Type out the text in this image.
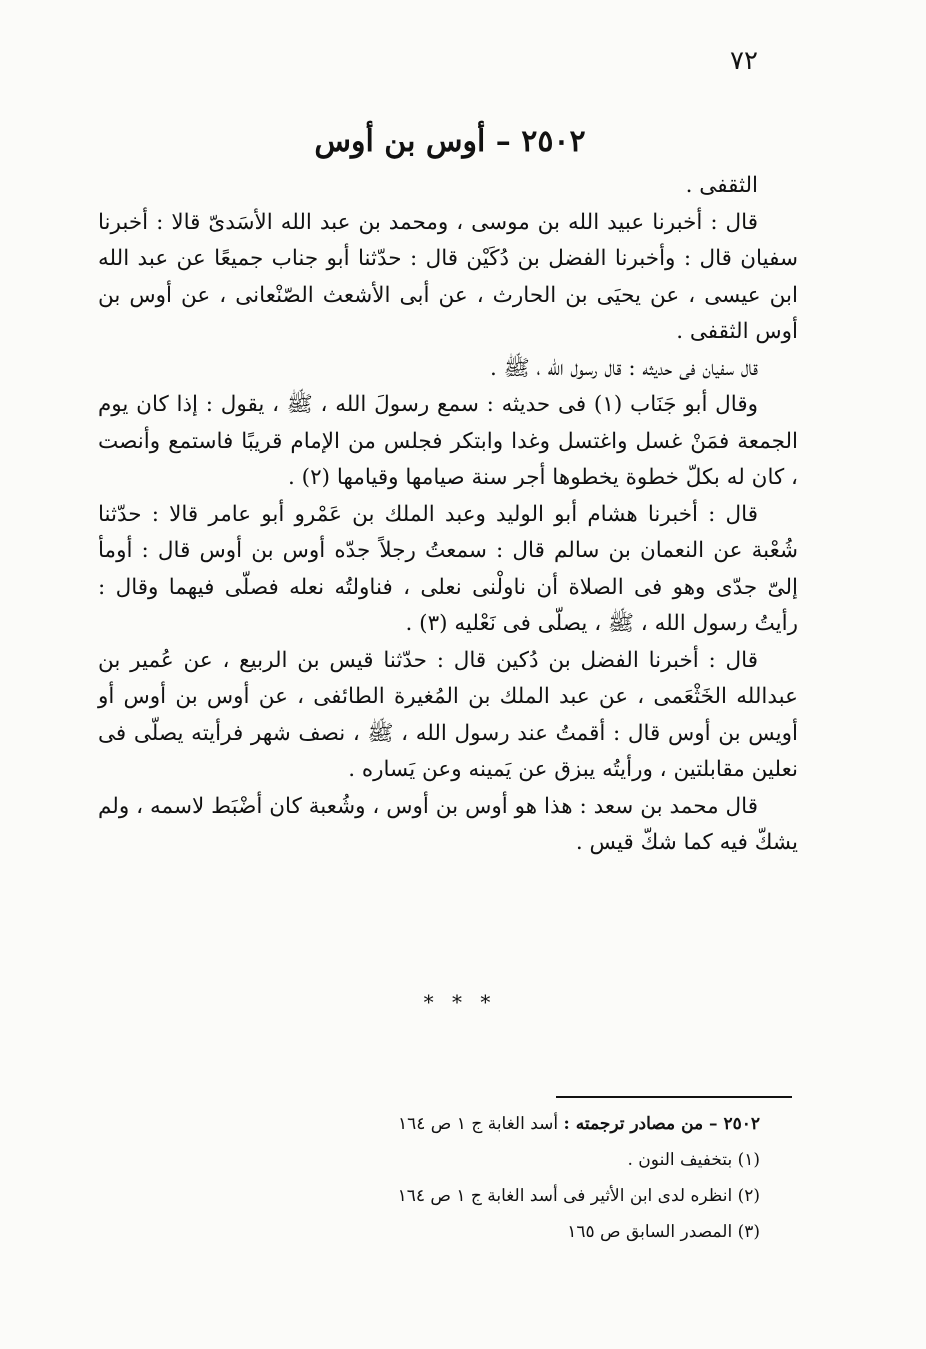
٧٢
٢٥٠٢ – أوس بن أوس

الثقفى .

قال : أخبرنا عبيد الله بن موسى ، ومحمد بن عبد الله الأسَدىّ قالا : أخبرنا سفيان قال : وأخبرنا الفضل بن دُكَيْن قال : حدّثنا أبو جناب جميعًا عن عبد الله ابن عيسى ، عن يحيَى بن الحارث ، عن أبى الأشعث الصّنْعانى ، عن أوس بن أوس الثقفى .

قال سفيان فى حديثه : قال رسول الله ، ﷺ .

وقال أبو جَنَاب (١) فى حديثه : سمع رسولَ الله ، ﷺ ، يقول : إذا كان يوم الجمعة فمَنْ غسل واغتسل وغدا وابتكر فجلس من الإمام قريبًا فاستمع وأنصت ، كان له بكلّ خطوة يخطوها أجر سنة صيامها وقيامها (٢) .

قال : أخبرنا هشام أبو الوليد وعبد الملك بن عَمْرو أبو عامر قالا : حدّثنا شُعْبة عن النعمان بن سالم قال : سمعتُ رجلاً جدّه أوس بن أوس قال : أومأ إلىّ جدّى وهو فى الصلاة أن ناولْنى نعلى ، فناولتُه نعله فصلّى فيهما وقال : رأيتُ رسول الله ، ﷺ ، يصلّى فى نَعْليه (٣) .

قال : أخبرنا الفضل بن دُكين قال : حدّثنا قيس بن الربيع ، عن عُمير بن عبدالله الخَثْعَمى ، عن عبد الملك بن المُغيرة الطائفى ، عن أوس بن أوس أو أويس بن أوس قال : أقمتُ عند رسول الله ، ﷺ ، نصف شهر فرأيته يصلّى فى نعلين مقابلتين ، ورأيتُه يبزق عن يَمينه وعن يَساره .

قال محمد بن سعد : هذا هو أوس بن أوس ، وشُعبة كان أضْبَط لاسمه ، ولم يشكّ فيه كما شكّ قيس .

* * *
٢٥٠٢ – من مصادر ترجمته : أسد الغابة ج ١ ص ١٦٤
(١) بتخفيف النون .
(٢) انظره لدى ابن الأثير فى أسد الغابة ج ١ ص ١٦٤
(٣) المصدر السابق ص ١٦٥
